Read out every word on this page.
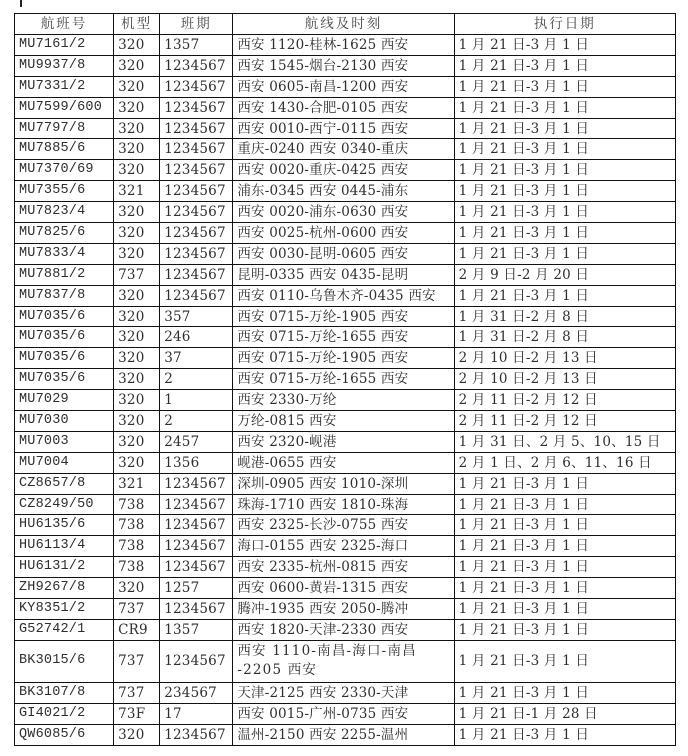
航班号	机型	班期	航线及时刻	执行日期
MU7161/2	320	1357	西安 1120-桂林-1625 西安	1 月 21 日-3 月 1 日
MU9937/8	320	1234567	西安 1545-烟台-2130 西安	1 月 21 日-3 月 1 日
MU7331/2	320	1234567	西安 0605-南昌-1200 西安	1 月 21 日-3 月 1 日
MU7599/600	320	1234567	西安 1430-合肥-0105 西安	1 月 21 日-3 月 1 日
MU7797/8	320	1234567	西安 0010-西宁-0115 西安	1 月 21 日-3 月 1 日
MU7885/6	320	1234567	重庆-0240 西安 0340-重庆	1 月 21 日-3 月 1 日
MU7370/69	320	1234567	西安 0020-重庆-0425 西安	1 月 21 日-3 月 1 日
MU7355/6	321	1234567	浦东-0345 西安 0445-浦东	1 月 21 日-3 月 1 日
MU7823/4	320	1234567	西安 0020-浦东-0630 西安	1 月 21 日-3 月 1 日
MU7825/6	320	1234567	西安 0025-杭州-0600 西安	1 月 21 日-3 月 1 日
MU7833/4	320	1234567	西安 0030-昆明-0605 西安	1 月 21 日-3 月 1 日
MU7881/2	737	1234567	昆明-0335 西安 0435-昆明	2 月 9 日-2 月 20 日
MU7837/8	320	1234567	西安 0110-乌鲁木齐-0435 西安	1 月 21 日-3 月 1 日
MU7035/6	320	357	西安 0715-万纶-1905 西安	1 月 31 日-2 月 8 日
MU7035/6	320	246	西安 0715-万纶-1655 西安	1 月 31 日-2 月 8 日
MU7035/6	320	37	西安 0715-万纶-1905 西安	2 月 10 日-2 月 13 日
MU7035/6	320	2	西安 0715-万纶-1655 西安	2 月 10 日-2 月 13 日
MU7029	320	1	西安 2330-万纶	2 月 11 日-2 月 12 日
MU7030	320	2	万纶-0815 西安	2 月 11 日-2 月 12 日
MU7003	320	2457	西安 2320-岘港	1 月 31 日、2 月 5、10、15 日
MU7004	320	1356	岘港-0655 西安	2 月 1 日、2 月 6、11、16 日
CZ8657/8	321	1234567	深圳-0905 西安 1010-深圳	1 月 21 日-3 月 1 日
CZ8249/50	738	1234567	珠海-1710 西安 1810-珠海	1 月 21 日-3 月 1 日
HU6135/6	738	1234567	西安 2325-长沙-0755 西安	1 月 21 日-3 月 1 日
HU6113/4	738	1234567	海口-0155 西安 2325-海口	1 月 21 日-3 月 1 日
HU6131/2	738	1234567	西安 2335-杭州-0815 西安	1 月 21 日-3 月 1 日
ZH9267/8	320	1257	西安 0600-黄岩-1315 西安	1 月 21 日-3 月 1 日
KY8351/2	737	1234567	腾冲-1935 西安 2050-腾冲	1 月 21 日-3 月 1 日
G52742/1	CR9	1357	西安 1820-天津-2330 西安	1 月 21 日-3 月 1 日
BK3015/6	737	1234567	西安 1110-南昌-海口-南昌 -2205 西安	1 月 21 日-3 月 1 日
BK3107/8	737	234567	天津-2125 西安 2330-天津	1 月 21 日-3 月 1 日
GI4021/2	73F	17	西安 0015-广州-0735 西安	1 月 21 日-1 月 28 日
QW6085/6	320	1234567	温州-2150 西安 2255-温州	1 月 21 日-3 月 1 日
